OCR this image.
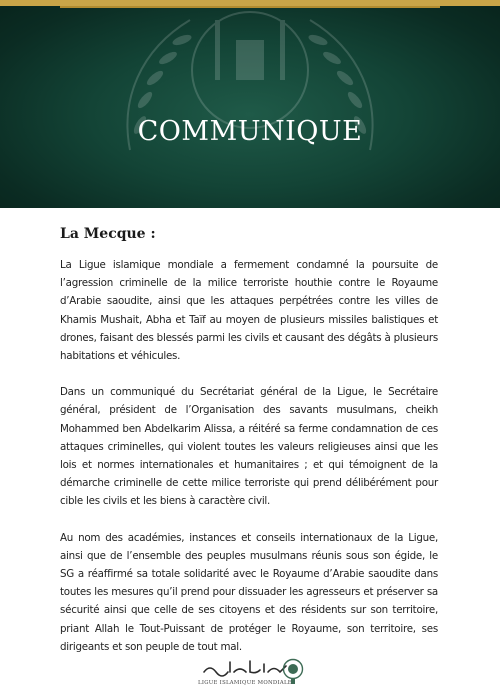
COMMUNIQUE
La Mecque :

La Ligue islamique mondiale a fermement condamné la poursuite de l’agression criminelle de la milice terroriste houthie contre le Royaume d’Arabie saoudite, ainsi que les attaques perpétrées contre les villes de Khamis Mushait, Abha et Taïf au moyen de plusieurs missiles balistiques et drones, faisant des blessés parmi les civils et causant des dégâts à plusieurs habitations et véhicules.

Dans un communiqué du Secrétariat général de la Ligue, le Secrétaire général, président de l’Organisation des savants musulmans, cheikh Mohammed ben Abdelkarim Alissa, a réitéré sa ferme condamnation de ces attaques criminelles, qui violent toutes les valeurs religieuses ainsi que les lois et normes internationales et humanitaires ; et qui témoignent de la démarche criminelle de cette milice terroriste qui prend délibérément pour cible les civils et les biens à caractère civil.

Au nom des académies, instances et conseils internationaux de la Ligue, ainsi que de l’ensemble des peuples musulmans réunis sous son égide, le SG a réaffirmé sa totale solidarité avec le Royaume d’Arabie saoudite dans toutes les mesures qu’il prend pour dissuader les agresseurs et préserver sa sécurité ainsi que celle de ses citoyens et des résidents sur son territoire, priant Allah le Tout-Puissant de protéger le Royaume, son territoire, ses dirigeants et son peuple de tout mal.

LIGUE ISLAMIQUE MONDIALE
